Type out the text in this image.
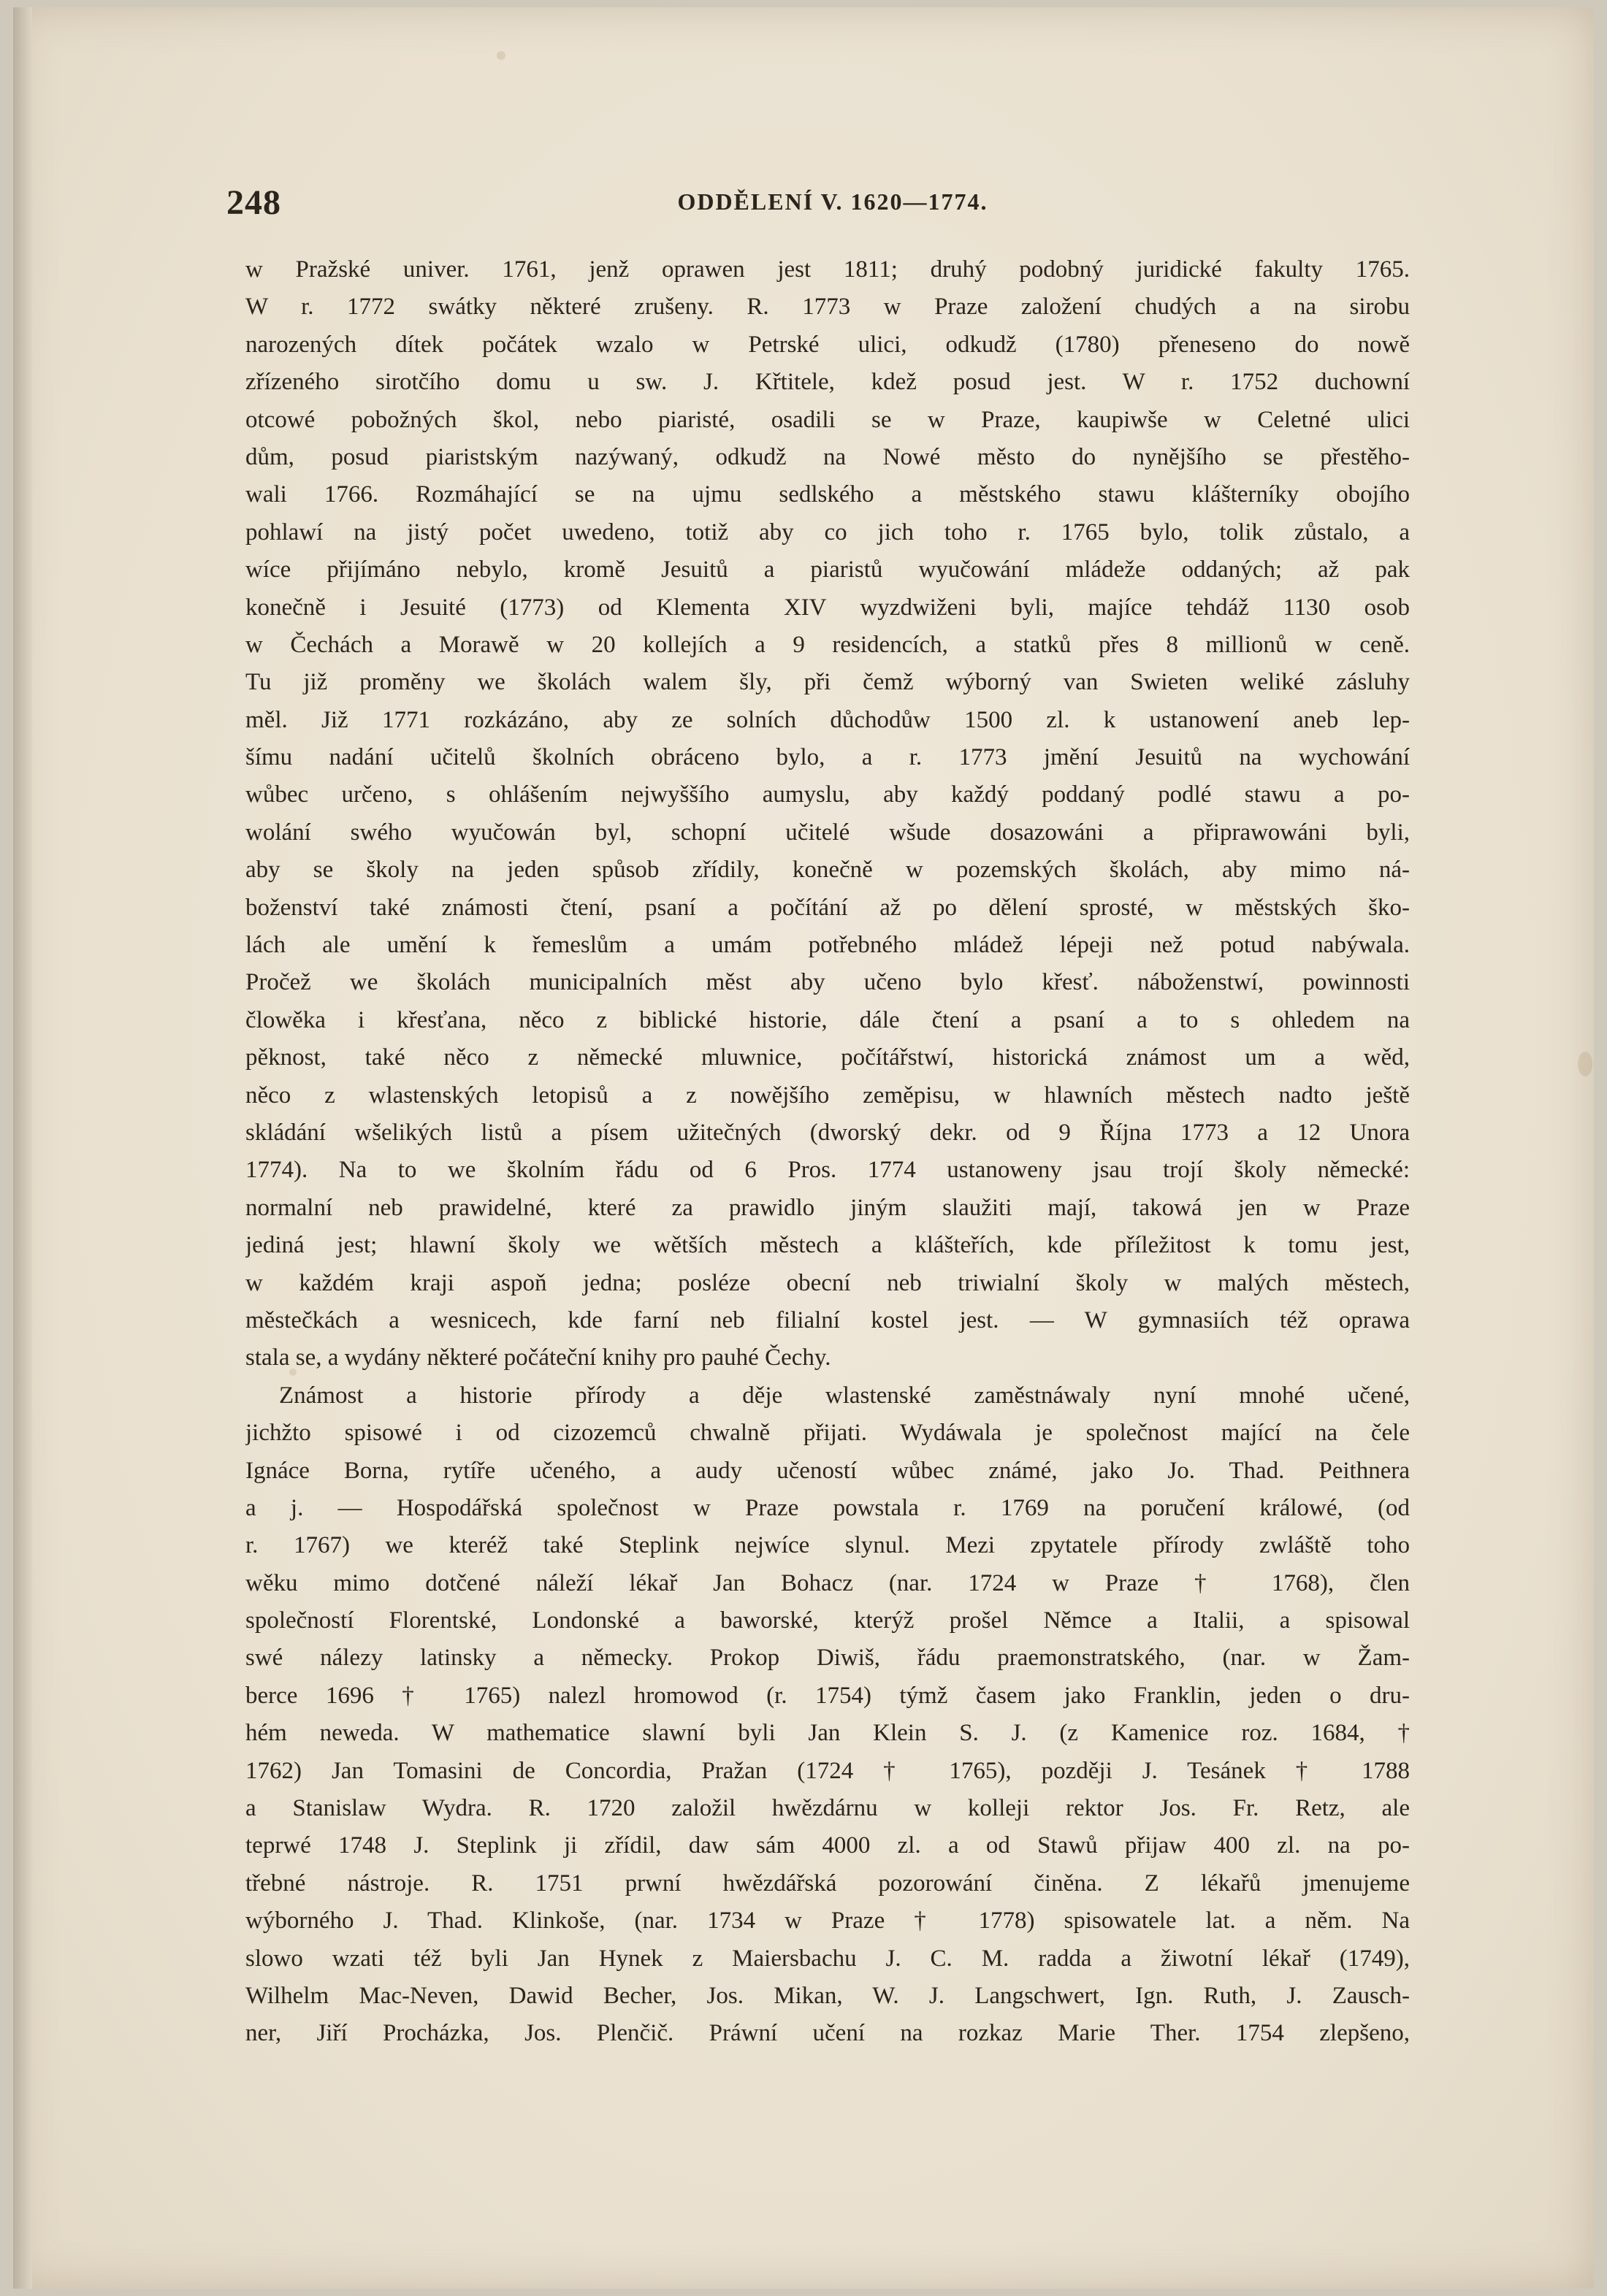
248	ODDĚLENÍ V. 1620—1774.
w Pražské univer. 1761, jenž oprawen jest 1811; druhý podobný juridické fakulty 1765.
W r. 1772 swátky některé zrušeny. R. 1773 w Praze založení chudých a na sirobu
narozených dítek počátek wzalo w Petrské ulici, odkudž (1780) přeneseno do nowě
zřízeného sirotčího domu u sw. J. Křtitele, kdež posud jest. W r. 1752 duchowní
otcowé pobožných škol, nebo piaristé, osadili se w Praze, kaupiwše w Celetné ulici
dům, posud piaristským nazýwaný, odkudž na Nowé město do nynějšího se přestěho-
wali 1766. Rozmáhající se na ujmu sedlského a městského stawu klášterníky obojího
pohlawí na jistý počet uwedeno, totiž aby co jich toho r. 1765 bylo, tolik zůstalo, a
wíce přijímáno nebylo, kromě Jesuitů a piaristů wyučowání mládeže oddaných; až pak
konečně i Jesuité (1773) od Klementa XIV wyzdwiženi byli, majíce tehdáž 1130 osob
w Čechách a Morawě w 20 kollejích a 9 residencích, a statků přes 8 millionů w ceně.
Tu již proměny we školách walem šly, při čemž wýborný van Swieten weliké zásluhy
měl. Již 1771 rozkázáno, aby ze solních důchodůw 1500 zl. k ustanowení aneb lep-
šímu nadání učitelů školních obráceno bylo, a r. 1773 jmění Jesuitů na wychowání
wůbec určeno, s ohlášením nejwyššího aumyslu, aby každý poddaný podlé stawu a po-
wolání swého wyučowán byl, schopní učitelé wšude dosazowáni a připrawowáni byli,
aby se školy na jeden spůsob zřídily, konečně w pozemských školách, aby mimo ná-
boženství také známosti čtení, psaní a počítání až po dělení sprosté, w městských ško-
lách ale umění k řemeslům a umám potřebného mládež lépeji než potud nabýwala.
Pročež we školách municipalních měst aby učeno bylo křesť. náboženstwí, powinnosti
člowěka i křesťana, něco z biblické historie, dále čtení a psaní a to s ohledem na
pěknost, také něco z německé mluwnice, počítářstwí, historická známost um a wěd,
něco z wlastenských letopisů a z nowějšího zeměpisu, w hlawních městech nadto ještě
skládání wšelikých listů a písem užitečných (dworský dekr. od 9 Října 1773 a 12 Unora
1774). Na to we školním řádu od 6 Pros. 1774 ustanoweny jsau trojí školy německé:
normalní neb prawidelné, které za prawidlo jiným slaužiti mají, takowá jen w Praze
jediná jest; hlawní školy we wětších městech a klášteřích, kde příležitost k tomu jest,
w každém kraji aspoň jedna; posléze obecní neb triwialní školy w malých městech,
městečkách a wesnicech, kde farní neb filialní kostel jest. — W gymnasiích též oprawa
stala se, a wydány některé počáteční knihy pro pauhé Čechy.
Známost a historie přírody a děje wlastenské zaměstnáwaly nyní mnohé učené,
jichžto spisowé i od cizozemců chwalně přijati. Wydáwala je společnost mající na čele
Ignáce Borna, rytíře učeného, a audy učeností wůbec známé, jako Jo. Thad. Peithnera
a j. — Hospodářská společnost w Praze powstala r. 1769 na poručení králowé, (od
r. 1767) we kteréž také Steplink nejwíce slynul. Mezi zpytatele přírody zwláště toho
wěku mimo dotčené náleží lékař Jan Bohacz (nar. 1724 w Praze † 1768), člen
společností Florentské, Londonské a baworské, kterýž prošel Němce a Italii, a spisowal
swé nálezy latinsky a německy. Prokop Diwiš, řádu praemonstratského, (nar. w Žam-
berce 1696 † 1765) nalezl hromowod (r. 1754) týmž časem jako Franklin, jeden o dru-
hém neweda. W mathematice slawní byli Jan Klein S. J. (z Kamenice roz. 1684, †
1762) Jan Tomasini de Concordia, Pražan (1724 † 1765), později J. Tesánek † 1788
a Stanislaw Wydra. R. 1720 založil hwězdárnu w kolleji rektor Jos. Fr. Retz, ale
teprwé 1748 J. Steplink ji zřídil, daw sám 4000 zl. a od Stawů přijaw 400 zl. na po-
třebné nástroje. R. 1751 prwní hwězdářská pozorowání činěna. Z lékařů jmenujeme
wýborného J. Thad. Klinkoše, (nar. 1734 w Praze † 1778) spisowatele lat. a něm. Na
slowo wzati též byli Jan Hynek z Maiersbachu J. C. M. radda a žiwotní lékař (1749),
Wilhelm Mac-Neven, Dawid Becher, Jos. Mikan, W. J. Langschwert, Ign. Ruth, J. Zausch-
ner, Jiří Procházka, Jos. Plenčič. Práwní učení na rozkaz Marie Ther. 1754 zlepšeno,
